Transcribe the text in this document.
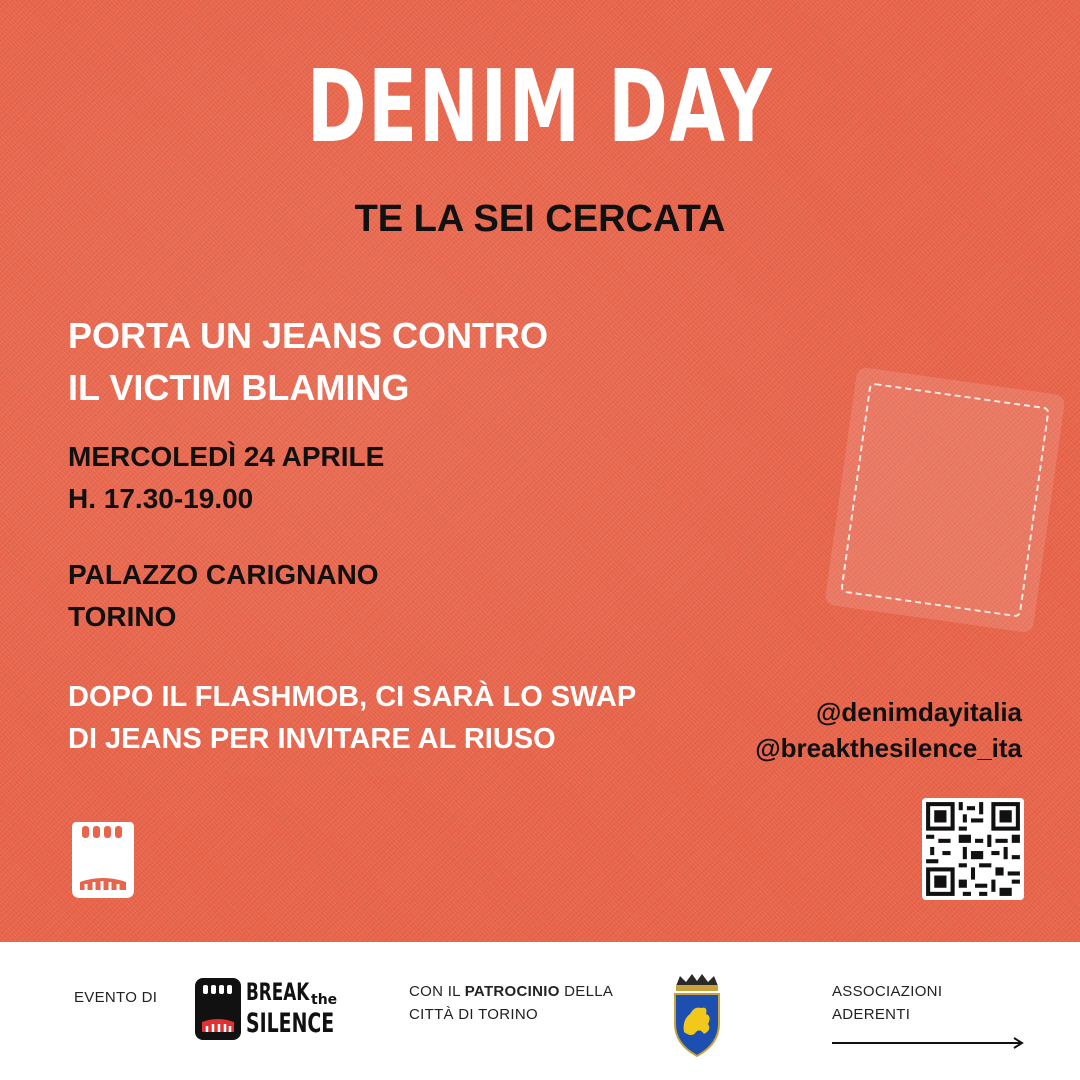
DENIM DAY
TE LA SEI CERCATA
PORTA UN JEANS CONTRO
IL VICTIM BLAMING
MERCOLEDÌ 24 APRILE
H. 17.30-19.00
PALAZZO CARIGNANO
TORINO
DOPO IL FLASHMOB, CI SARÀ LO SWAP
DI JEANS PER INVITARE AL RIUSO
@denimdayitalia
@breakthesilence_ita
EVENTO DI	BREAK the
SILENCE
CON IL PATROCINIO DELLA
CITTÀ DI TORINO
ASSOCIAZIONI
ADERENTI
